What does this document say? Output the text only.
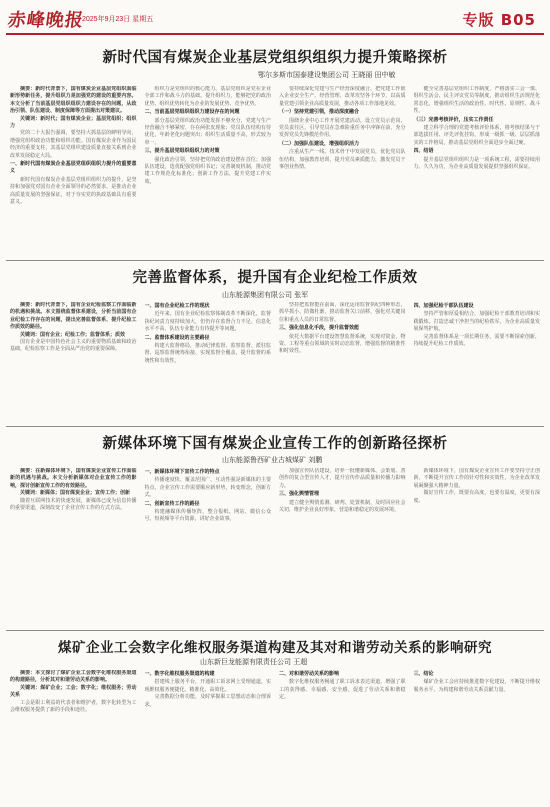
赤峰晚报
2025年9月23日 星期五	专版 B05
新时代国有煤炭企业基层党组织组织力提升策略探析
鄂尔多斯市国泰建设集团公司 王晓丽 田中敏
摘要：新时代背景下，国有煤炭企业基层党组织面临新形势新任务，提升组织力是加强党的建设的重要内容。本文分析了当前基层党组织组织力建设存在的问题，从政治引领、队伍建设、制度保障等方面提出对策建议。
关键词：新时代；国有煤炭企业；基层党组织；组织力
党的二十大报告强调，要坚持大抓基层的鲜明导向，增强党组织政治功能和组织功能。国有煤炭企业作为国民经济的重要支柱，其基层党组织建设质量直接关系到企业改革发展稳定大局。
一、新时代国有煤炭企业基层党组织组织力提升的重要意义
新时代国有煤炭企业基层党组织组织力的提升，是坚持和加强党对国有企业全面领导的必然要求，是推动企业高质量发展的坚强保证，对于夯实党的执政基础具有重要意义。
组织力是党组织的核心能力，基层党组织是党在企业全部工作和战斗力的基础。提升组织力，能够把党的政治优势、组织优势转化为企业的发展优势、竞争优势。
二、当前基层党组织组织力建设存在的问题
部分基层党组织政治功能发挥不够充分，党建与生产经营融合不够紧密，存在两张皮现象；党员队伍结构有待优化，年龄老化问题突出；组织生活质量不高，形式较为单一。
三、提升基层党组织组织力的对策
强化政治引领，坚持把党的政治建设摆在首位；加强队伍建设，选优配强党组织书记；完善制度机制，推动党建工作规范化标准化；创新工作方法，提升党建工作实效。
要持续深化党建与生产经营深度融合，把党建工作嵌入企业安全生产、经营管理、改革攻坚各个环节，以高质量党建引领企业高质量发展，推动各项工作落地见效。
（一）坚持党建引领，推动深度融合
围绕企业中心工作开展党建活动，设立党员示范岗、党员责任区，引导党员在急难险重任务中冲锋在前，充分发挥党员先锋模范作用。
（二）加强队伍建设，增强组织活力
注重从生产一线、技术骨干中发展党员，优化党员队伍结构，加强教育培训，提升党员素质能力，激发党员干事创业热情。
健全完善基层党组织工作制度，严格落实三会一课、组织生活会、民主评议党员等制度，推动组织生活规范化常态化，增强组织生活的政治性、时代性、原则性、战斗性。
（三）完善考核评价，压实工作责任
建立科学合理的党建考核评价体系，将考核结果与干部选拔任用、评先评优挂钩，形成一级抓一级、层层抓落实的工作格局，推动基层党组织全面进步全面过硬。
四、结语
提升基层党组织组织力是一项系统工程，需要持续用力、久久为功，为企业高质量发展提供坚强组织保证。
完善监督体系，提升国有企业纪检工作质效
山东能源集团有限公司 张军
摘要：新时代背景下，国有企业纪检监察工作面临新的机遇和挑战。本文围绕监督体系建设，分析当前国有企业纪检工作存在的问题，提出完善监督体系、提升纪检工作质效的路径。
关键词：国有企业；纪检工作；监督体系；质效
国有企业是中国特色社会主义的重要物质基础和政治基础，纪检监察工作是全面从严治党的重要保障。
一、国有企业纪检工作的现状
近年来，国有企业纪检监察体制改革不断深化，监督执纪问责力度持续加大，但仍存在监督合力不足、信息化水平不高、队伍专业能力有待提升等问题。
二、监督体系建设的主要路径
构建大监督格局，推动纪律监督、监察监督、派驻监督、巡察监督统筹衔接，实现监督全覆盖，提升监督的系统性和有效性。
坚持把监督挺在前面，深化运用监督执纪四种形态，抓早抓小、防微杜渐，推动监督关口前移，强化对关键岗位和重点人员的日常监督。
三、强化信息化手段，提升监督效能
依托大数据平台建设智慧监督系统，实现对资金、物资、工程等重点领域的实时动态监督，增强监督的精准性和时效性。
四、加强纪检干部队伍建设
坚持严管和厚爱相结合，加强纪检干部教育培训和实践锻炼，打造忠诚干净担当的纪检铁军，为企业高质量发展保驾护航。
完善监督体系是一项长期任务，需要不断探索创新，持续提升纪检工作质效。
新媒体环境下国有煤炭企业宣传工作的创新路径探析
山东能源鲁西矿业古城煤矿 刘鹏
摘要：在新媒体环境下，国有煤炭企业宣传工作面临新的机遇与挑战。本文分析新媒体对企业宣传工作的影响，探讨创新宣传工作的有效路径。
关键词：新媒体；国有煤炭企业；宣传工作；创新
随着互联网技术的快速发展，新媒体已成为信息传播的重要渠道，深刻改变了企业宣传工作的方式方法。
一、新媒体环境下宣传工作的特点
传播速度快、覆盖范围广、互动性强是新媒体的主要特点，企业宣传工作需要顺应新形势，转变理念，创新方式。
二、创新宣传工作的路径
构建融媒体传播矩阵，整合报纸、网站、微信公众号、短视频等平台资源，讲好企业故事。
加强宣传队伍建设，培养一批懂新媒体、会策划、善创作的复合型宣传人才，提升宣传作品质量和传播力影响力。
三、强化舆情管理
建立健全舆情监测、研判、处置机制，及时回应社会关切，维护企业良好形象，营造和谐稳定的发展环境。
新媒体环境下，国有煤炭企业宣传工作要坚持守正创新，不断提升宣传工作的针对性和实效性，为企业改革发展凝聚强大精神力量。
做好宣传工作，既要有高度，也要有温度，更要有深度。
煤矿企业工会数字化维权服务渠道构建及其对和谐劳动关系的影响研究
山东新巨龙能源有限责任公司 王超
摘要：本文探讨了煤矿企业工会数字化维权服务渠道的构建路径，分析其对和谐劳动关系的影响。
关键词：煤矿企业；工会；数字化；维权服务；劳动关系
工会是职工利益的代表者和维护者，数字化转型为工会维权服务提供了新的手段和途径。
一、数字化维权服务渠道的构建
搭建线上服务平台，开通职工诉求网上受理通道，实现维权服务便捷化、精准化、高效化。
完善数据分析功能，及时掌握职工思想动态和合理诉求。
二、对和谐劳动关系的影响
数字化维权服务畅通了职工诉求表达渠道，增强了职工的获得感、幸福感、安全感，促进了劳动关系和谐稳定。
三、结论
煤矿企业工会应持续推进数字化建设，不断提升维权服务水平，为构建和谐劳动关系贡献力量。
